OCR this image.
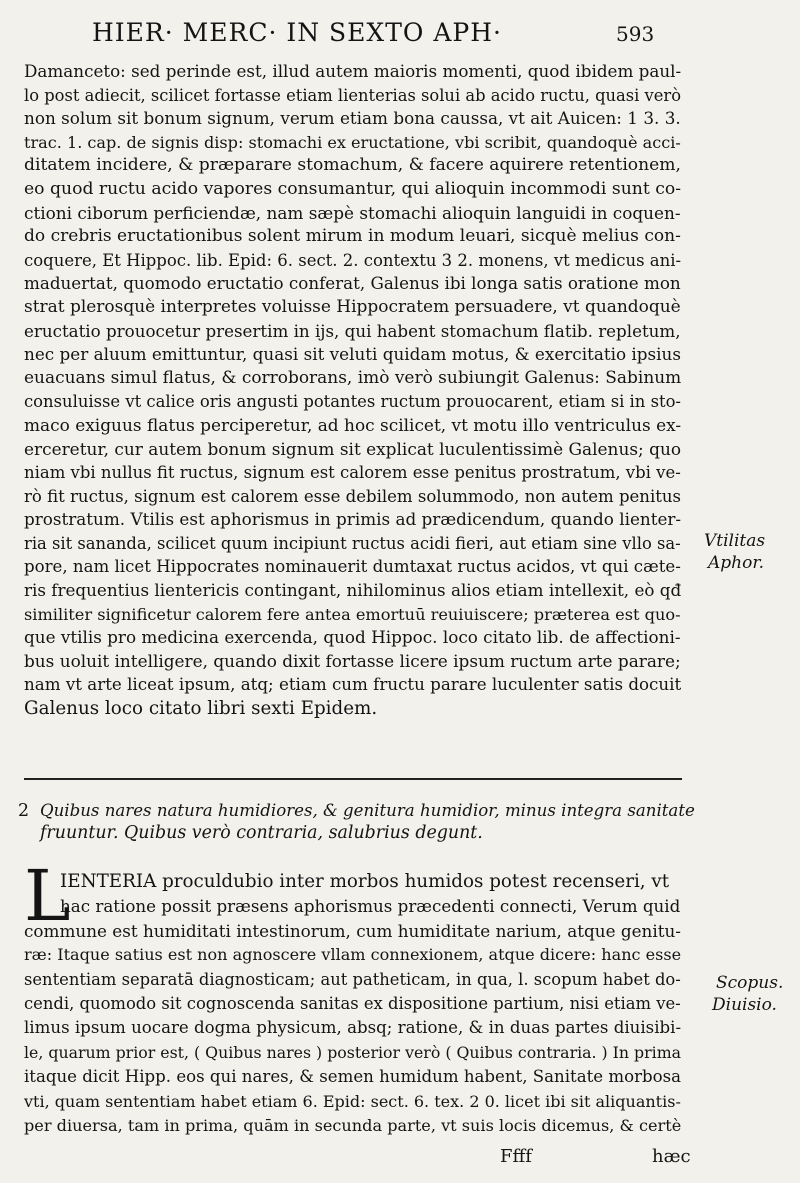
HIER· MERC· IN SEXTO APH·	593
Damanceto: sed perinde est, illud autem maioris momenti, quod ibidem paul-
lo post adiecit, scilicet fortasse etiam lienterias solui ab acido ructu, quasi verò
non solum sit bonum signum, verum etiam bona caussa, vt ait Auicen: 1 3. 3.
trac. 1. cap. de signis disp: stomachi ex eructatione, vbi scribit, quandoquè acci-
ditatem incidere, & præparare stomachum, & facere aquirere retentionem,
eo quod ructu acido vapores consumantur, qui alioquin incommodi sunt co-
ctioni ciborum perficiendæ, nam sæpè stomachi alioquin languidi in coquen-
do crebris eructationibus solent mirum in modum leuari, sicquè melius con-
coquere, Et Hippoc. lib. Epid: 6. sect. 2. contextu 3 2. monens, vt medicus ani-
maduertat, quomodo eructatio conferat, Galenus ibi longa satis oratione mon
strat plerosquè interpretes voluisse Hippocratem persuadere, vt quandoquè
eructatio prouocetur presertim in ijs, qui habent stomachum flatib. repletum,
nec per aluum emittuntur, quasi sit veluti quidam motus, & exercitatio ipsius
euacuans simul flatus, & corroborans, imò verò subiungit Galenus: Sabinum
consuluisse vt calice oris angusti potantes ructum prouocarent, etiam si in sto-
maco exiguus flatus perciperetur, ad hoc scilicet, vt motu illo ventriculus ex-
erceretur, cur autem bonum signum sit explicat luculentissimè Galenus; quo
niam vbi nullus fit ructus, signum est calorem esse penitus prostratum, vbi ve-
rò fit ructus, signum est calorem esse debilem solummodo, non autem penitus
prostratum. Vtilis est aphorismus in primis ad prædicendum, quando lienter-
ria sit sananda, scilicet quum incipiunt ructus acidi fieri, aut etiam sine vllo sa-
pore, nam licet Hippocrates nominauerit dumtaxat ructus acidos, vt qui cæte-
ris frequentius lientericis contingant, nihilominus alios etiam intellexit, eò qđ
similiter significetur calorem fere antea emortuū reuiuiscere; præterea est quo-
que vtilis pro medicina exercenda, quod Hippoc. loco citato lib. de affectioni-
bus uoluit intelligere, quando dixit fortasse licere ipsum ructum arte parare;
nam vt arte liceat ipsum, atq; etiam cum fructu parare luculenter satis docuit
Galenus loco citato libri sexti Epidem.
2 Quibus nares natura humidiores, & genitura humidior, minus integra sanitate
fruuntur. Quibus verò contraria, salubrius degunt.
L
IENTERIA proculdubio inter morbos humidos potest recenseri, vt
hac ratione possit præsens aphorismus præcedenti connecti, Verum quid
commune est humiditati intestinorum, cum humiditate narium, atque genitu-
ræ: Itaque satius est non agnoscere vllam connexionem, atque dicere: hanc esse
sententiam separatā diagnosticam; aut patheticam, in qua, l. scopum habet do-
cendi, quomodo sit cognoscenda sanitas ex dispositione partium, nisi etiam ve-
limus ipsum uocare dogma physicum, absq; ratione, & in duas partes diuisibi-
le, quarum prior est, ( Quibus nares ) posterior verò ( Quibus contraria. ) In prima
itaque dicit Hipp. eos qui nares, & semen humidum habent, Sanitate morbosa
vti, quam sententiam habet etiam 6. Epid: sect. 6. tex. 2 0. licet ibi sit aliquantis-
per diuersa, tam in prima, quām in secunda parte, vt suis locis dicemus, & certè
Vtilitas
Aphor.
Scopus.
Diuisio.
Ffff	hæc
